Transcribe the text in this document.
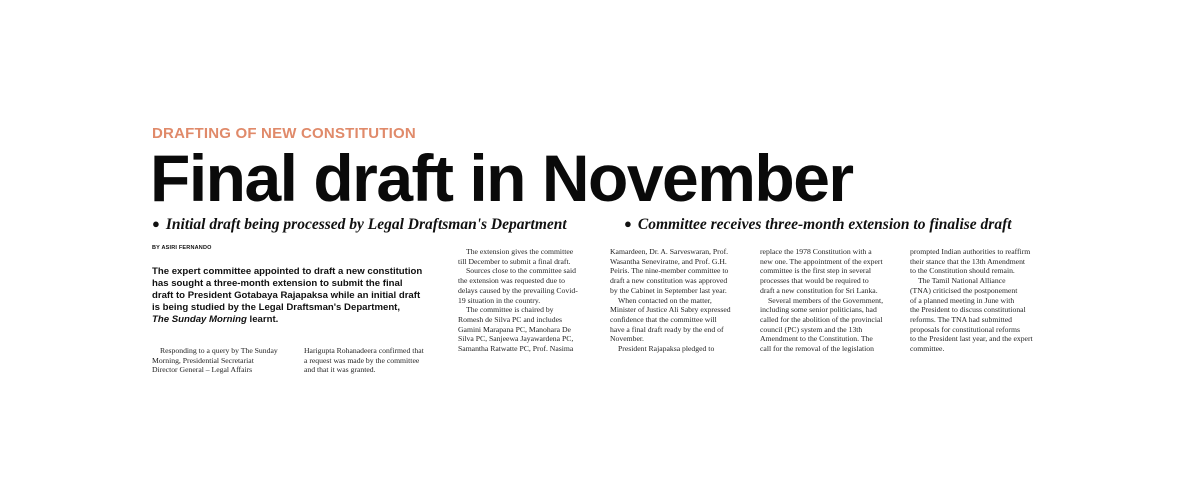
DRAFTING OF NEW CONSTITUTION
Final draft in November
● Initial draft being processed by Legal Draftsman's Department	● Committee receives three-month extension to finalise draft
BY ASIRI FERNANDO

The expert committee appointed to draft a new constitution

has sought a three-month extension to submit the final

draft to President Gotabaya Rajapaksa while an initial draft

is being studied by the Legal Draftsman's Department,

The Sunday Morning learnt.

Responding to a query by The Sunday

Morning, Presidential Secretariat

Director General – Legal Affairs

Harigupta Rohanadeera confirmed that

a request was made by the committee

and that it was granted.

The extension gives the committee

till December to submit a final draft.

Sources close to the committee said

the extension was requested due to

delays caused by the prevailing Covid-

19 situation in the country.

The committee is chaired by

Romesh de Silva PC and includes

Gamini Marapana PC, Manohara De

Silva PC, Sanjeewa Jayawardena PC,

Samantha Ratwatte PC, Prof. Nasima

Kamardeen, Dr. A. Sarveswaran, Prof.

Wasantha Seneviratne, and Prof. G.H.

Peiris. The nine-member committee to

draft a new constitution was approved

by the Cabinet in September last year.

When contacted on the matter,

Minister of Justice Ali Sabry expressed

confidence that the committee will

have a final draft ready by the end of

November.

President Rajapaksa pledged to

replace the 1978 Constitution with a

new one. The appointment of the expert

committee is the first step in several

processes that would be required to

draft a new constitution for Sri Lanka.

Several members of the Government,

including some senior politicians, had

called for the abolition of the provincial

council (PC) system and the 13th

Amendment to the Constitution. The

call for the removal of the legislation

prompted Indian authorities to reaffirm

their stance that the 13th Amendment

to the Constitution should remain.

The Tamil National Alliance

(TNA) criticised the postponement

of a planned meeting in June with

the President to discuss constitutional

reforms. The TNA had submitted

proposals for constitutional reforms

to the President last year, and the expert

committee.
